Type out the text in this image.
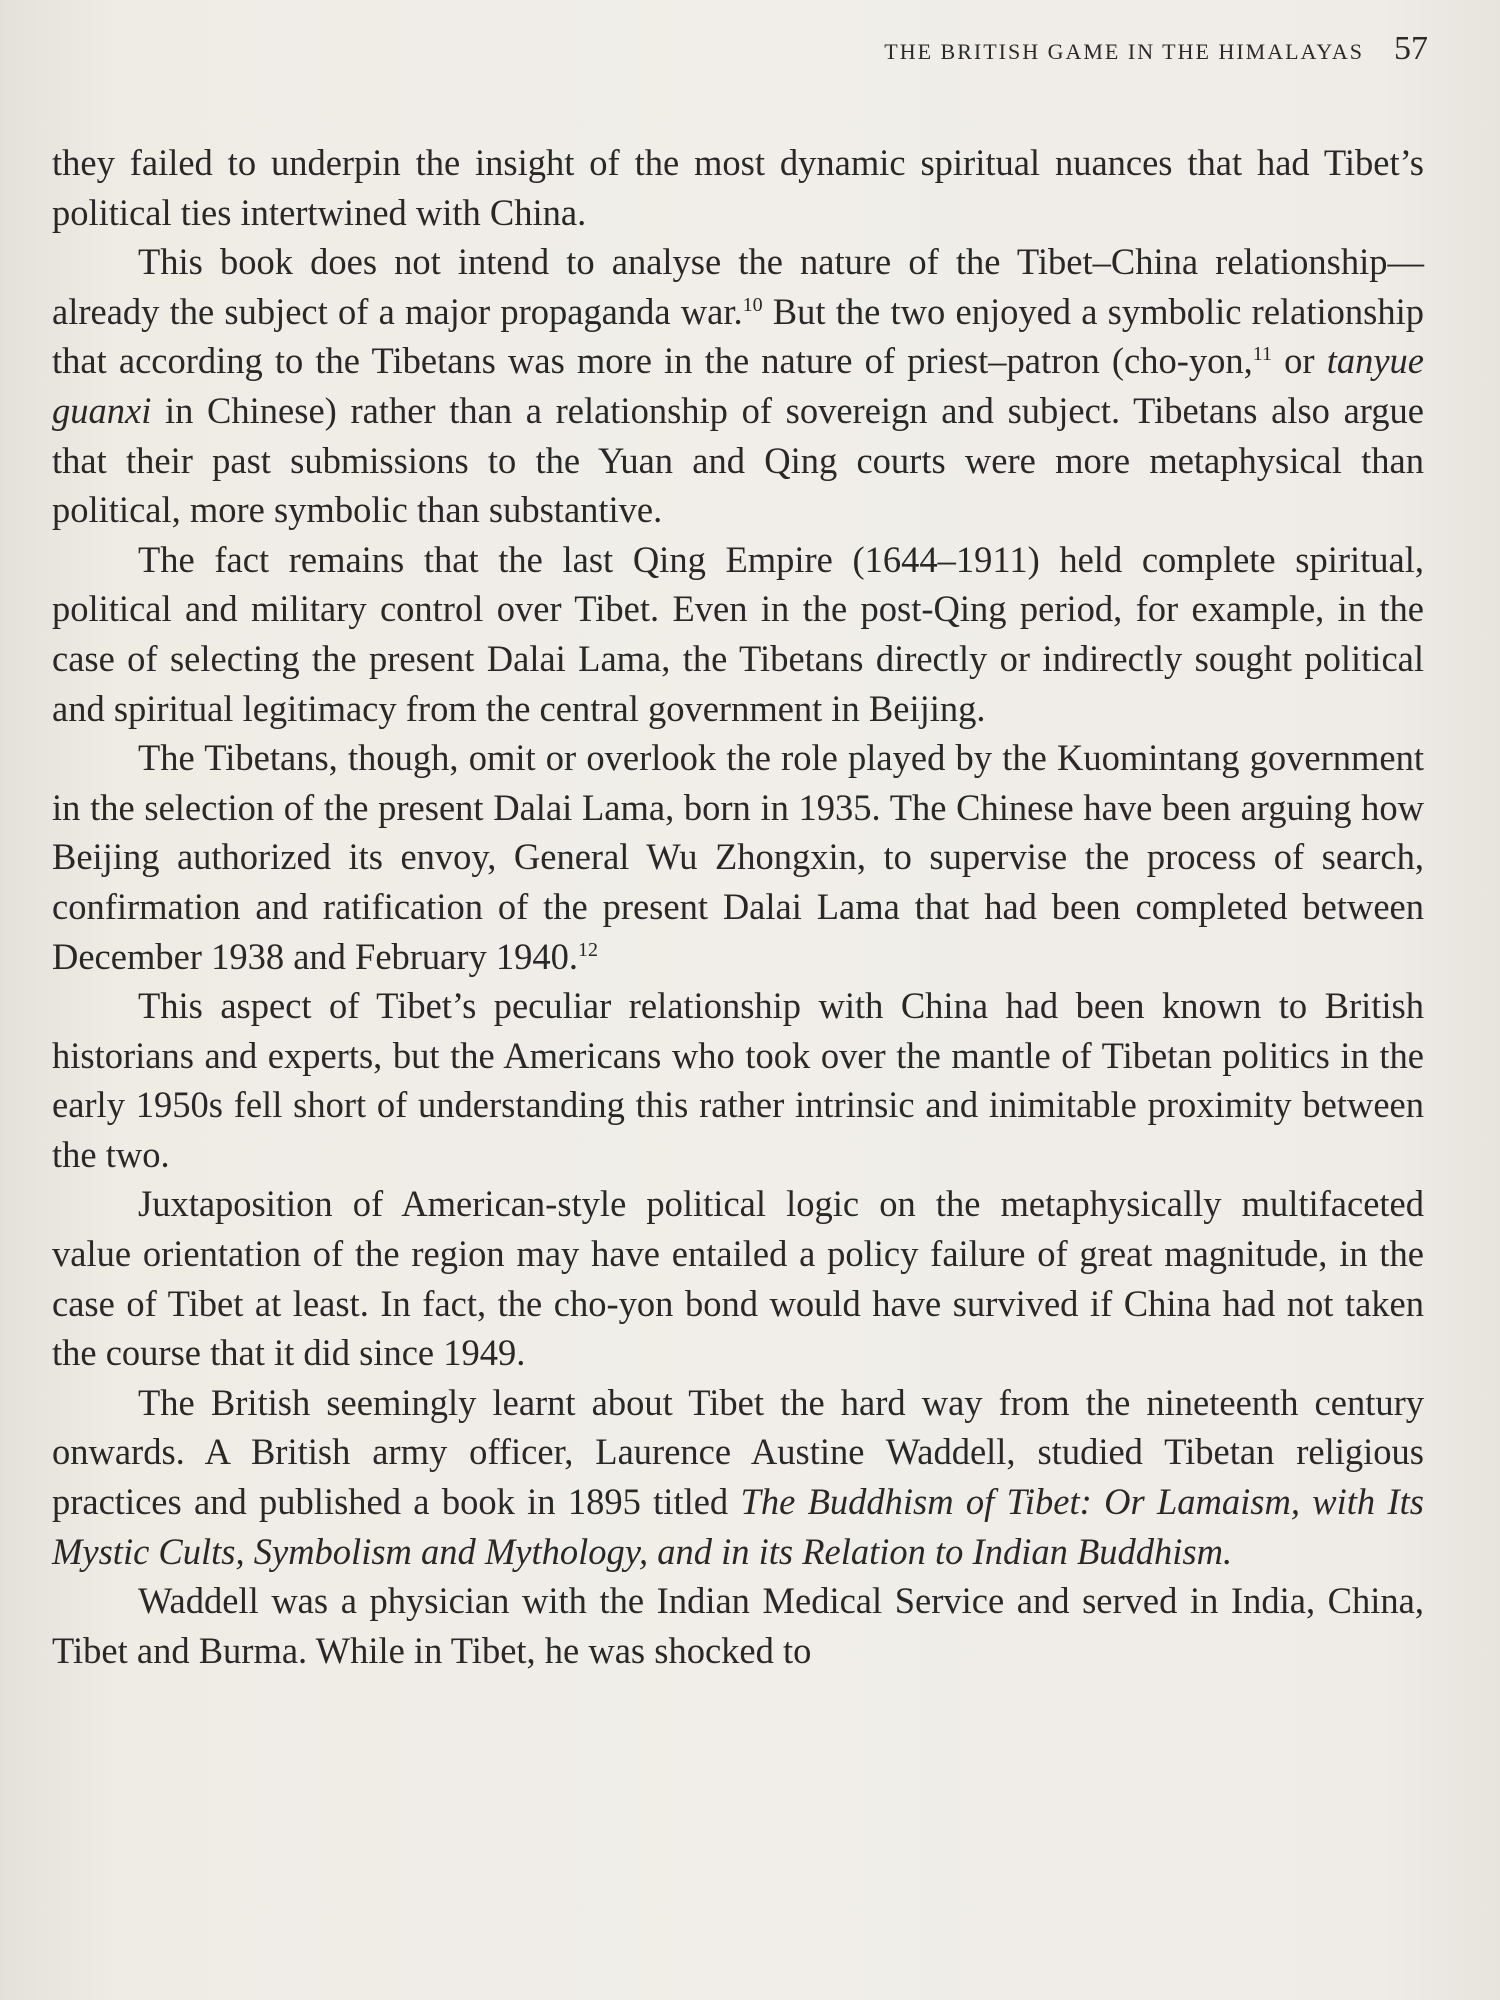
THE BRITISH GAME IN THE HIMALAYAS 57

they failed to underpin the insight of the most dynamic spiritual nuances that had Tibet’s political ties intertwined with China.

This book does not intend to analyse the nature of the Tibet–China relationship—already the subject of a major propaganda war.$^{10}$ But the two enjoyed a symbolic relationship that according to the Tibetans was more in the nature of priest–patron (cho-yon,$^{11}$ or tanyue guanxi in Chinese) rather than a relationship of sovereign and subject. Tibetans also argue that their past submissions to the Yuan and Qing courts were more metaphysical than political, more symbolic than substantive.

The fact remains that the last Qing Empire (1644–1911) held complete spiritual, political and military control over Tibet. Even in the post-Qing period, for example, in the case of selecting the present Dalai Lama, the Tibetans directly or indirectly sought political and spiritual legitimacy from the central government in Beijing.

The Tibetans, though, omit or overlook the role played by the Kuomintang government in the selection of the present Dalai Lama, born in 1935. The Chinese have been arguing how Beijing authorized its envoy, General Wu Zhongxin, to supervise the process of search, confirmation and ratification of the present Dalai Lama that had been completed between December 1938 and February 1940.12

This aspect of Tibet’s peculiar relationship with China had been known to British historians and experts, but the Americans who took over the mantle of Tibetan politics in the early 1950s fell short of understanding this rather intrinsic and inimitable proximity between the two.

Juxtaposition of American-style political logic on the metaphysically multifaceted value orientation of the region may have entailed a policy failure of great magnitude, in the case of Tibet at least. In fact, the cho-yon bond would have survived if China had not taken the course that it did since 1949.

The British seemingly learnt about Tibet the hard way from the nineteenth century onwards. A British army officer, Laurence Austine Waddell, studied Tibetan religious practices and published a book in 1895 titled The Buddhism of Tibet: Or Lamaism, with Its Mystic Cults, Symbolism and Mythology, and in its Relation to Indian Buddhism.

Waddell was a physician with the Indian Medical Service and served in India, China, Tibet and Burma. While in Tibet, he was shocked to
